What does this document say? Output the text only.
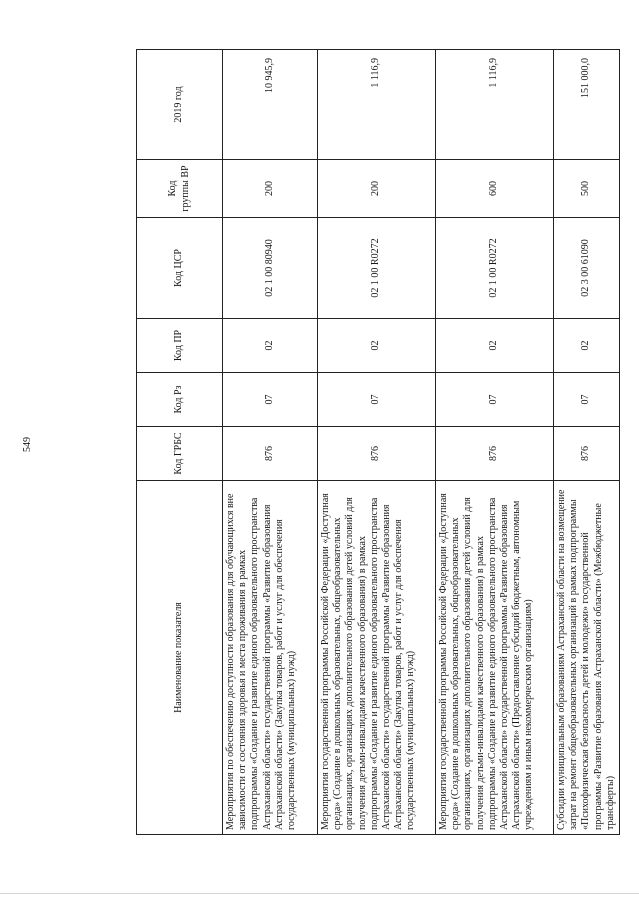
549
Наименование показателя	Код ГРБС	Код Рз	Код ПР	Код ЦСР	Код группы ВР	2019 год
Мероприятия по обеспечению доступности образования для обучающихся вне зависимости от состояния здоровья и места проживания в рамках подпрограммы «Создание и развитие единого образовательного пространства Астраханской области» государственной программы «Развитие образования Астраханской области» (Закупка товаров, работ и услуг для обеспечения государственных (муниципальных) нужд)	876	07	02	02 1 00 80940	200	10 945,9
Мероприятия государственной программы Российской Федерации «Доступная среда» (Создание в дошкольных образовательных, общеобразовательных организациях, организациях дополнительного образования детей условий для получения детьми-инвалидами качественного образования) в рамках подпрограммы «Создание и развитие единого образовательного пространства Астраханской области» государственной программы «Развитие образования Астраханской области» (Закупка товаров, работ и услуг для обеспечения государственных (муниципальных) нужд)	876	07	02	02 1 00 R0272	200	1 116,9
Мероприятия государственной программы Российской Федерации «Доступная среда» (Создание в дошкольных образовательных, общеобразовательных организациях, организациях дополнительного образования детей условий для получения детьми-инвалидами качественного образования) в рамках подпрограммы «Создание и развитие единого образовательного пространства Астраханской области» государственной программы «Развитие образования Астраханской области» (Предоставление субсидий бюджетным, автономным учреждениям и иным некоммерческим организациям)	876	07	02	02 1 00 R0272	600	1 116,9
Субсидии муниципальным образованиям Астраханской области на возмещение затрат на ремонт общеобразовательных организаций в рамках подпрограммы «Психофизическая безопасность детей и молодежи» государственной программы «Развитие образования Астраханской области» (Межбюджетные трансферты)	876	07	02	02 3 00 61090	500	151 000,0
